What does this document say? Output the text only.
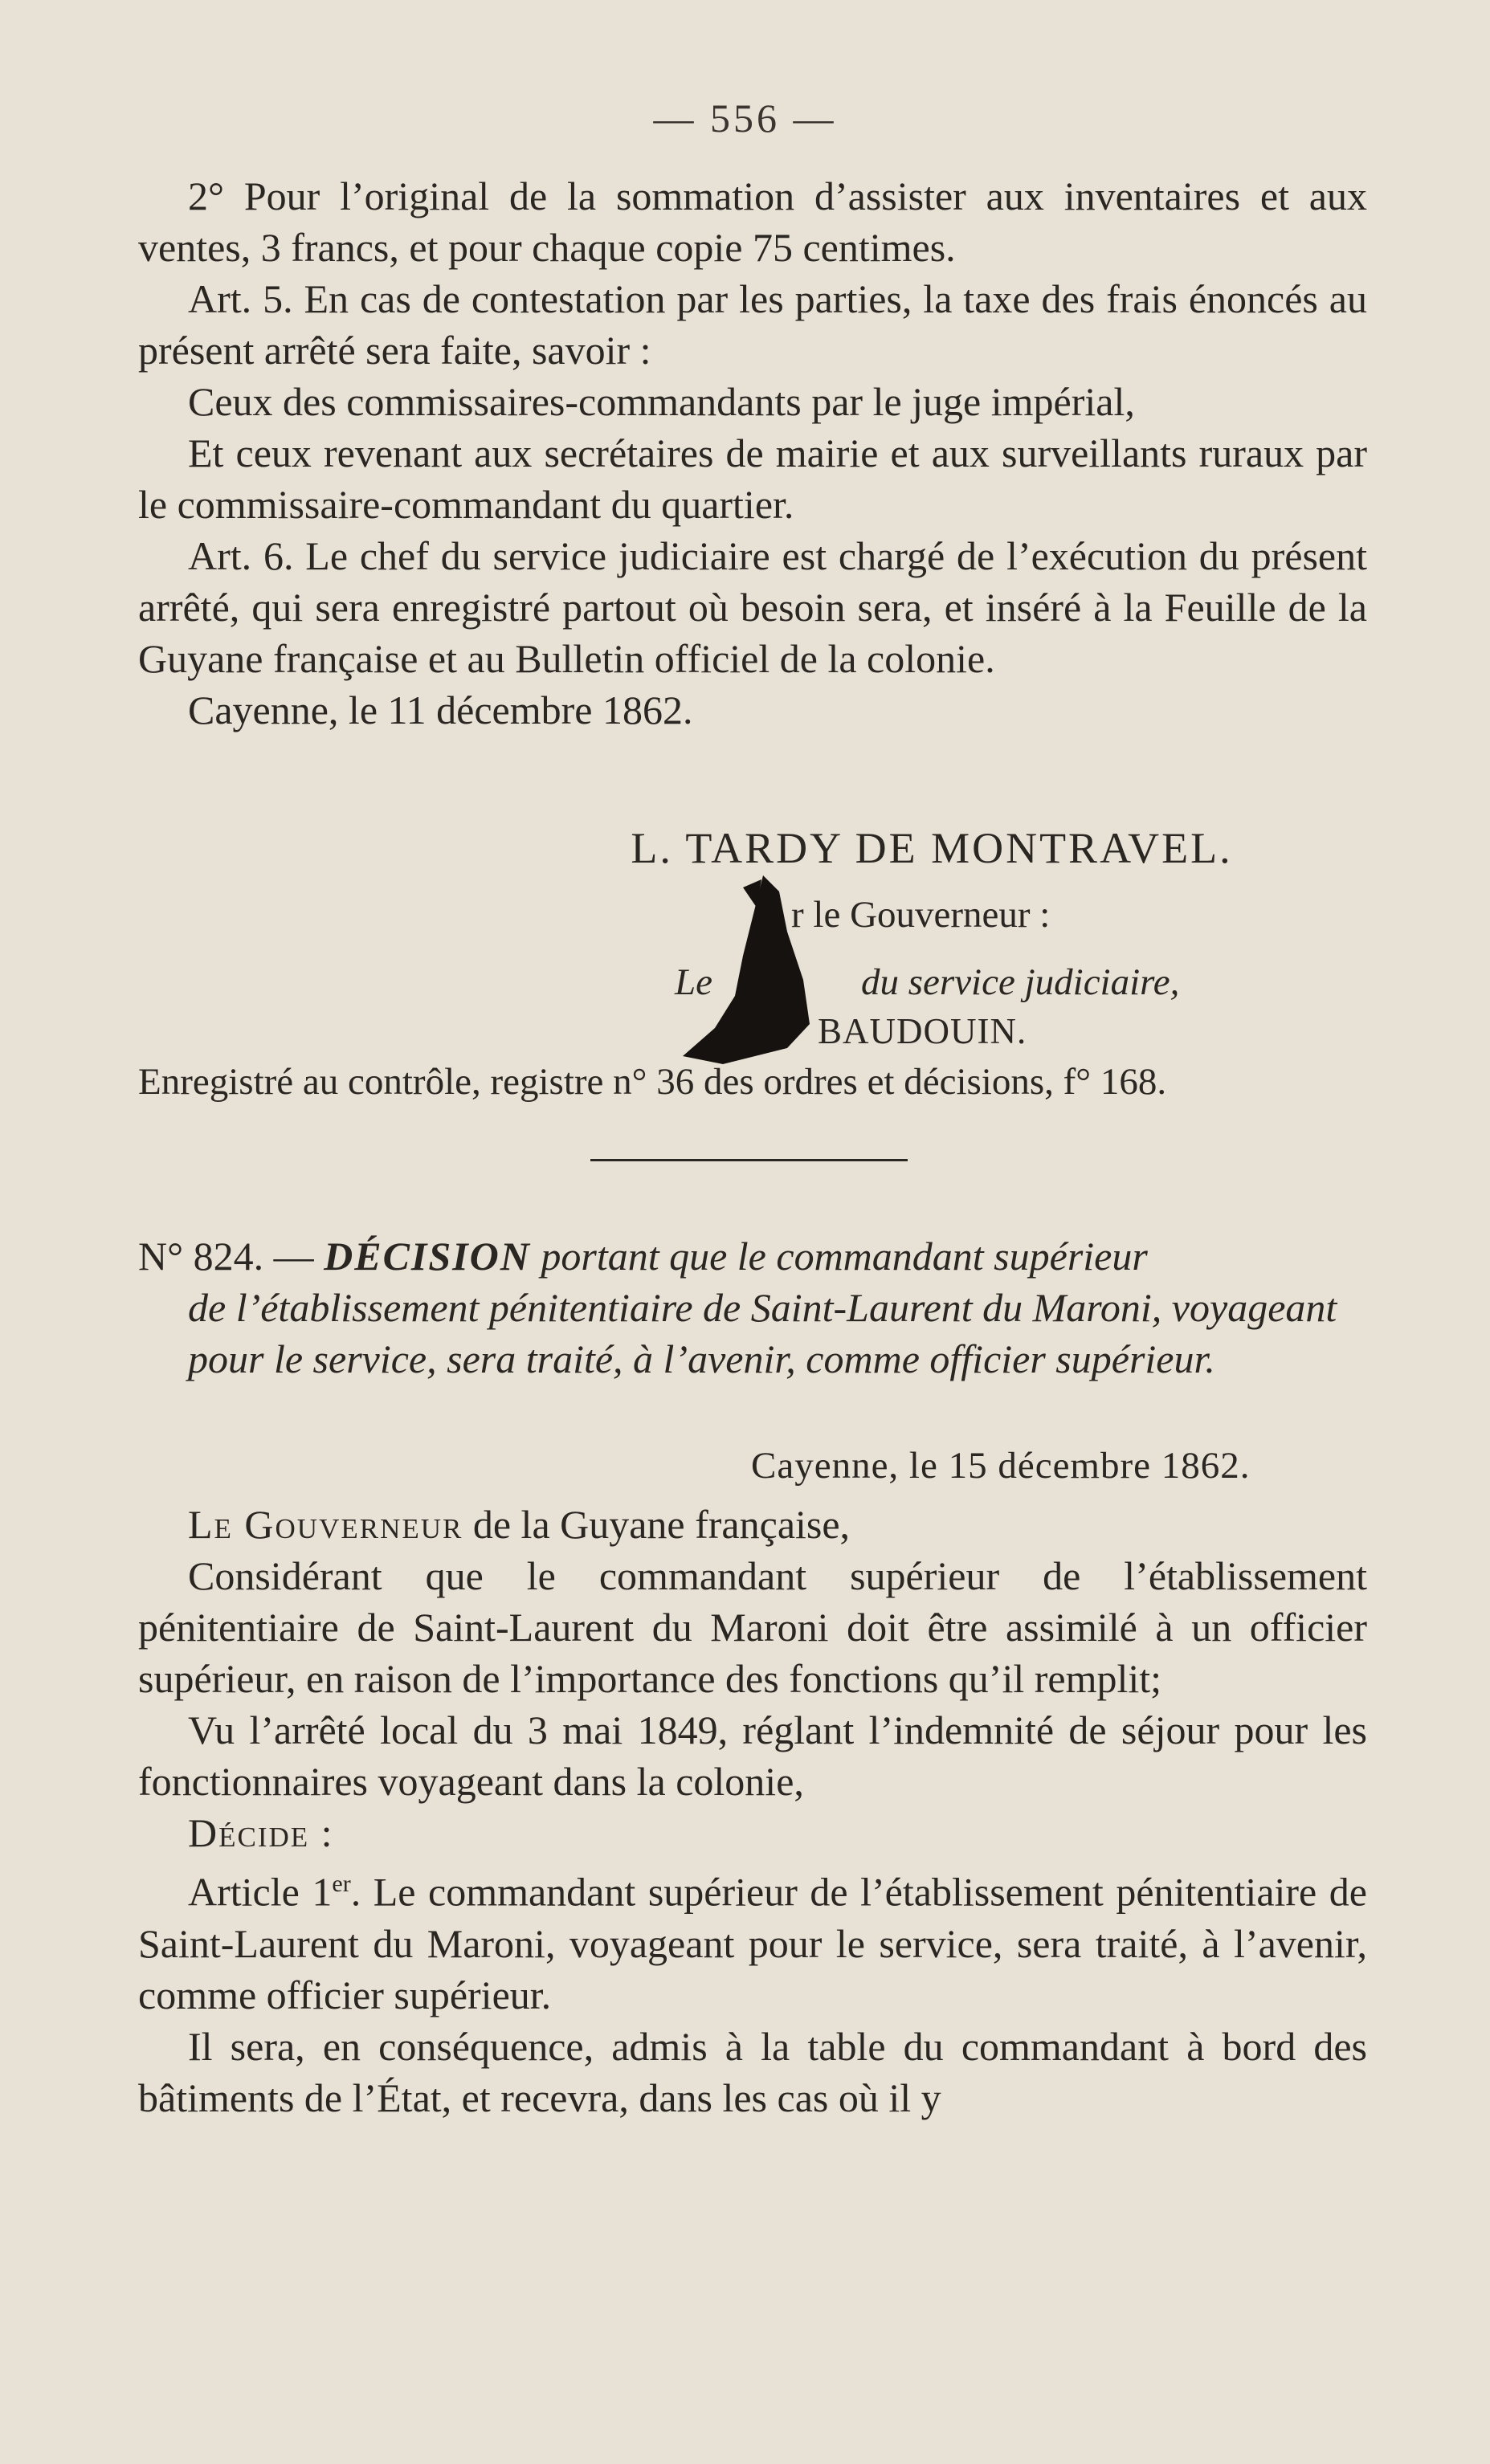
— 556 —

2° Pour l’original de la sommation d’assister aux inventaires et aux ventes, 3 francs, et pour chaque copie 75 centimes.

Art. 5. En cas de contestation par les parties, la taxe des frais énoncés au présent arrêté sera faite, savoir :

Ceux des commissaires-commandants par le juge impérial,

Et ceux revenant aux secrétaires de mairie et aux surveillants ruraux par le commissaire-commandant du quartier.

Art. 6. Le chef du service judiciaire est chargé de l’exécution du présent arrêté, qui sera enregistré partout où besoin sera, et inséré à la Feuille de la Guyane française et au Bulletin officiel de la colonie.

Cayenne, le 11 décembre 1862.

L. TARDY DE MONTRAVEL.
r le Gouverneur :
Le	du service judiciaire,
BAUDOUIN.
Enregistré au contrôle, registre n° 36 des ordres et décisions, f° 168.
N° 824. — DÉCISION portant que le commandant supérieur
de l’établissement pénitentiaire de Saint-Laurent du Maroni, voyageant pour le service, sera traité, à l’avenir, comme officier supérieur.
Cayenne, le 15 décembre 1862.

Le Gouverneur de la Guyane française,

Considérant que le commandant supérieur de l’établissement pénitentiaire de Saint-Laurent du Maroni doit être assimilé à un officier supérieur, en raison de l’importance des fonctions qu’il remplit;

Vu l’arrêté local du 3 mai 1849, réglant l’indemnité de séjour pour les fonctionnaires voyageant dans la colonie,

Décide :

Article 1er. Le commandant supérieur de l’établissement pénitentiaire de Saint-Laurent du Maroni, voyageant pour le service, sera traité, à l’avenir, comme officier supérieur.

Il sera, en conséquence, admis à la table du commandant à bord des bâtiments de l’État, et recevra, dans les cas où il y
